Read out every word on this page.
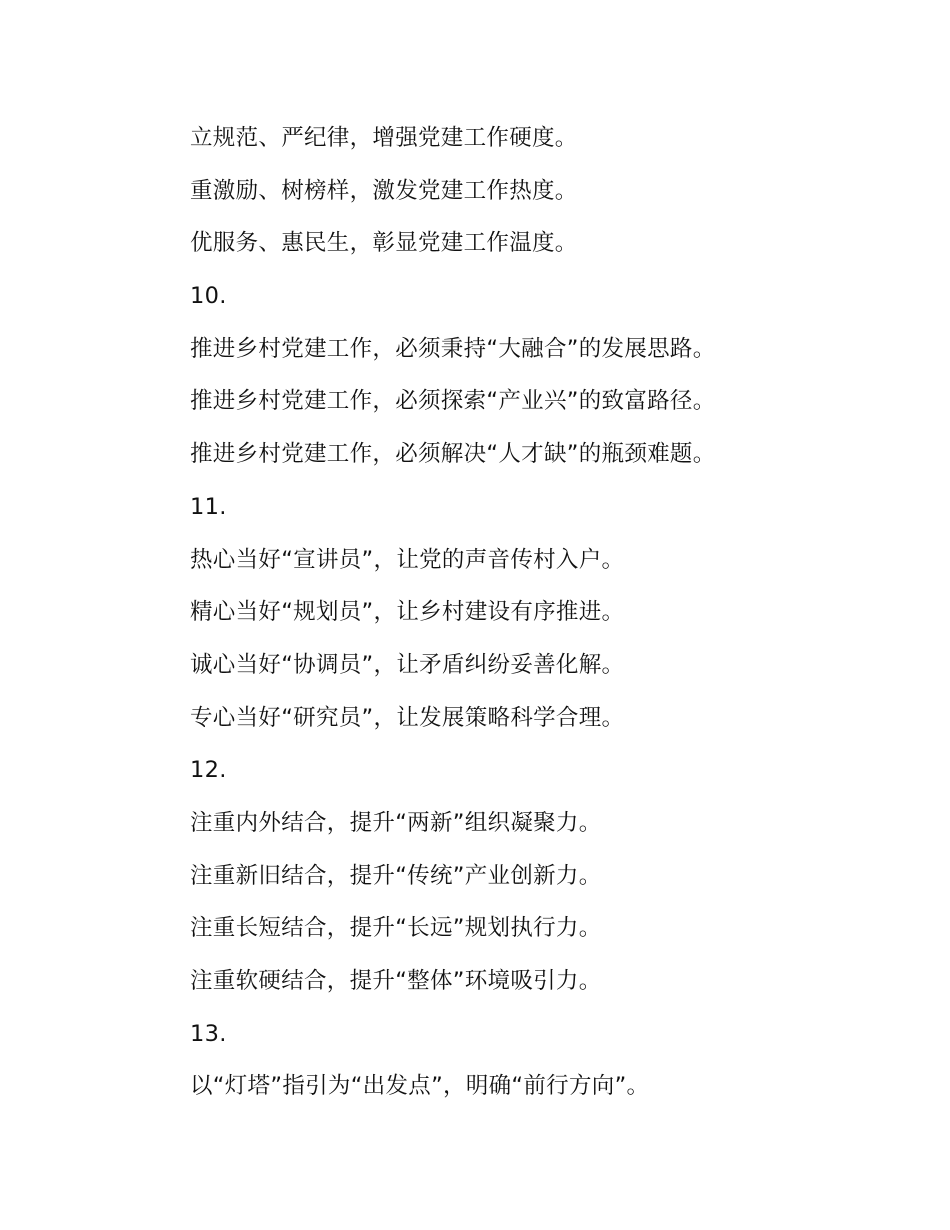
立规范、严纪律，增强党建工作硬度。
重激励、树榜样，激发党建工作热度。
优服务、惠民生，彰显党建工作温度。
10.
推进乡村党建工作，必须秉持“大融合”的发展思路。
推进乡村党建工作，必须探索“产业兴”的致富路径。
推进乡村党建工作，必须解决“人才缺”的瓶颈难题。
11.
热心当好“宣讲员”，让党的声音传村入户。
精心当好“规划员”，让乡村建设有序推进。
诚心当好“协调员”，让矛盾纠纷妥善化解。
专心当好“研究员”，让发展策略科学合理。
12.
注重内外结合，提升“两新”组织凝聚力。
注重新旧结合，提升“传统”产业创新力。
注重长短结合，提升“长远”规划执行力。
注重软硬结合，提升“整体”环境吸引力。
13.
以“灯塔”指引为“出发点”，明确“前行方向”。
